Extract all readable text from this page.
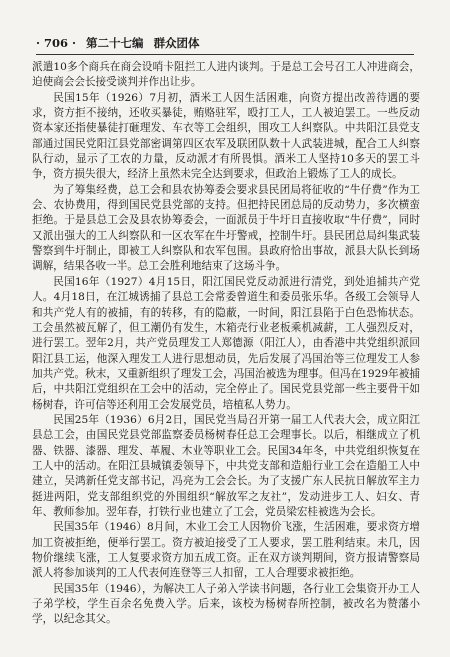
· 706 · 第二十七编 群众团体

派遣10多个商兵在商会设哨卡阻拦工人进内谈判。于是总工会号召工人冲进商会，迫使商会会长接受谈判并作出让步。

民国15年（1926）7月初，酒米工人因生活困难，向资方提出改善待遇的要求，资方拒不接纳，还收买暴徒，贿赂驻军，殴打工人，工人被迫罢工。一些反动资本家还指使暴徒打砸理发、车衣等工会组织，围攻工人纠察队。中共阳江县党支部通过国民党阳江县党部密调第四区农军及联团队数十人武装进城，配合工人纠察队行动，显示了工农的力量，反动派才有所畏惧。酒米工人坚持10多天的罢工斗争，资方损失很大，经济上虽然未完全达到要求，但政治上锻炼了工人的成长。

为了筹集经费，总工会和县农协筹委会要求县民团局将征收的“牛仔费”作为工会、农协费用，得到国民党县党部的支持。但把持民团总局的反动势力，多次横蛮拒绝。于是县总工会及县农协筹委会，一面派员于牛圩日直接收取“牛仔费”，同时又派出强大的工人纠察队和一区农军在牛圩警戒，控制牛圩。县民团总局纠集武装警察到牛圩制止，即被工人纠察队和农军包围。县政府恰出事故，派县大队长到场调解，结果各收一半。总工会胜利地结束了这场斗争。

民国16年（1927）4月15日，阳江国民党反动派进行清党，到处追捕共产党人。4月18日，在江城诱捕了县总工会常委曾道生和委员张乐华。各级工会领导人和共产党人有的被捕，有的转移，有的隐蔽，一时间，阳江县陷于白色恐怖状态。工会虽然被瓦解了，但工潮仍有发生，木箱壳行业老板乘机减薪，工人强烈反对，进行罢工。翌年2月，共产党员理发工人郑德源（阳江人），由香港中共党组织派回阳江县工运，他深入理发工人进行思想动员，先后发展了冯国治等三位理发工人参加共产党。秋末，又重新组织了理发工会，冯国治被选为理事。但冯在1929年被捕后，中共阳江党组织在工会中的活动，完全停止了。国民党县党部一些主要骨干如杨树春，许可信等还利用工会发展党员，培植私人势力。

民国25年（1936）6月2日，国民党当局召开第一届工人代表大会，成立阳江县总工会，由国民党县党部监察委员杨树春任总工会理事长。以后，相继成立了机器、铁器、漆器、理发、革履、木业等职业工会。民国34年冬，中共党组织恢复在工人中的活动。在阳江县城镇委领导下，中共党支部和造船行业工会在造船工人中建立，吴鸿新任党支部书记，冯亮为工会会长。为了支援广东人民抗日解放军主力挺进两阳，党支部组织党的外围组织“解放军之友社”，发动进步工人、妇女、青年、教师参加。翌年春，打铁行业也建立了工会，党员梁宏桂被选为会长。

民国35年（1946）8月间，木业工会工人因物价飞涨，生活困难，要求资方增加工资被拒绝，便举行罢工。资方被迫接受了工人要求，罢工胜利结束。未几，因物价继续飞涨，工人复要求资方加五成工资。正在双方谈判期间，资方报请警察局派人将参加谈判的工人代表何连登等三人扣留，工人合理要求被拒绝。

民国35年（1946），为解决工人子弟入学读书问题，各行业工会集资开办工人子弟学校，学生百余名免费入学。后来，该校为杨树春所控制，被改名为赞藩小学，以纪念其父。
